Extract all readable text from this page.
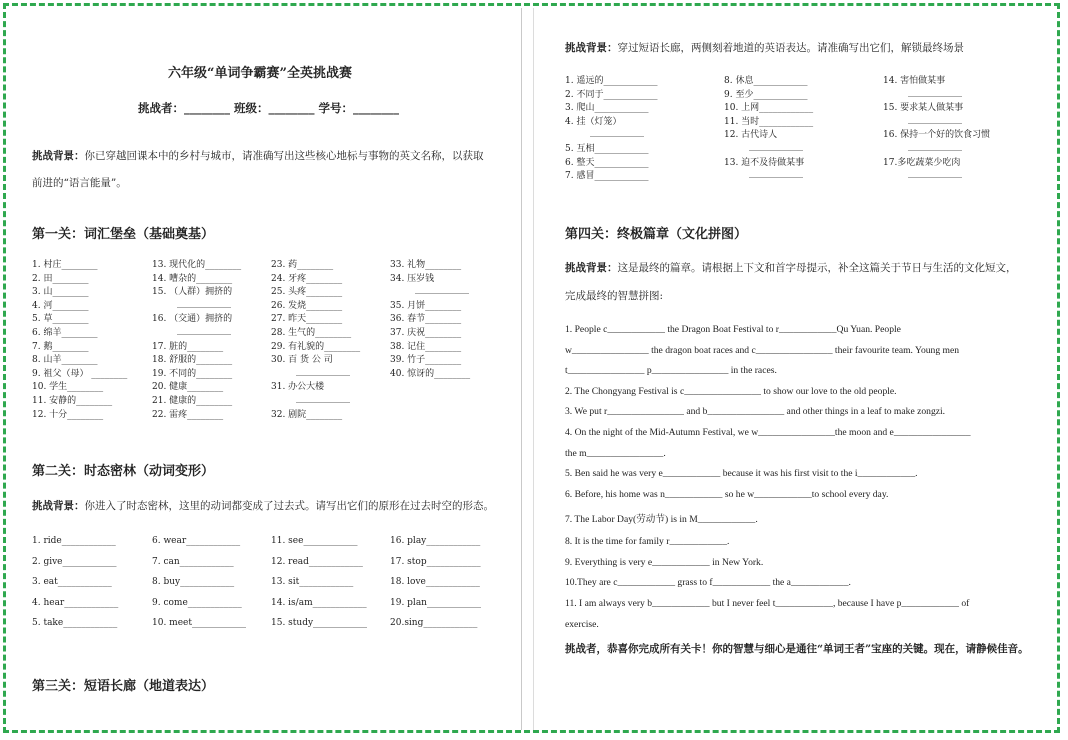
六年级“单词争霸赛”全英挑战赛
挑战者：________ 班级：________ 学号：________
挑战背景：你已穿越回课本中的乡村与城市，请准确写出这些核心地标与事物的英文名称，以获取
前进的“语言能量”。
第一关：词汇堡垒（基础奠基）
1. 村庄________
2. 田________
3. 山________
4. 河________
5. 草________
6. 绵羊________
7. 鹅________
8. 山羊________
9. 祖父（母） ________
10. 学生________
11. 安静的________
12. 十分________
13. 现代化的________
14. 嘈杂的________
15. （人群）拥挤的
____________
16. （交通）拥挤的
____________
17. 脏的________
18. 舒服的________
19. 不同的________
20. 健康________
21. 健康的________
22. 雷疼________
23. 药________
24. 牙疼________
25. 头疼________
26. 发烧________
27. 昨天________
28. 生气的________
29. 有礼貌的________
30. 百 货 公 司
____________
31. 办公大楼
____________
32. 剧院________
33. 礼物________
34. 压岁钱
____________
35. 月饼________
36. 春节________
37. 庆祝________
38. 记住________
39. 竹子________
40. 惊讶的________
第二关：时态密林（动词变形）
挑战背景：你进入了时态密林，这里的动词都变成了过去式。请写出它们的原形在过去时空的形态。
1. ride____________
2. give____________
3. eat____________
4. hear____________
5. take____________
6. wear____________
7. can____________
8. buy____________
9. come____________
10. meet____________
11. see____________
12. read____________
13. sit____________
14. is/am____________
15. study____________
16. play____________
17. stop____________
18. love____________
19. plan____________
20.sing____________
第三关：短语长廊（地道表达）
挑战背景：穿过短语长廊，两侧刻着地道的英语表达。请准确写出它们，解锁最终场景
1. 遥远的____________
2. 不同于____________
3. 爬山____________
4. 挂（灯笼）
____________
5. 互相____________
6. 整天____________
7. 感冒____________
8. 休息____________
9. 至少____________
10. 上网____________
11. 当时____________
12. 古代诗人
____________
13. 迫不及待做某事
____________
14. 害怕做某事
____________
15. 要求某人做某事
____________
16. 保持一个好的饮食习惯
____________
17.多吃蔬菜少吃肉
____________
第四关：终极篇章（文化拼图）
挑战背景：这是最终的篇章。请根据上下文和首字母提示，补全这篇关于节日与生活的文化短文，
完成最终的智慧拼图:
1. People c____________ the Dragon Boat Festival to r____________Qu Yuan. People
w________________ the dragon boat races and c________________ their favourite team. Young men
t________________ p________________ in the races.
2. The Chongyang Festival is c________________ to show our love to the old people.
3. We put r________________ and b________________ and other things in a leaf to make zongzi.
4. On the night of the Mid-Autumn Festival, we w________________the moon and e________________
the m________________.
5. Ben said he was very e____________ because it was his first visit to the i____________.
6. Before, his home was n____________ so he w____________to school every day.
7. The Labor Day(劳动节) is in M____________.
8. It is the time for family r____________.
9. Everything is very e____________ in New York.
10.They are c____________ grass to f____________ the a____________.
11. I am always very b____________ but I never feel t____________, because I have p____________ of
exercise.
挑战者，恭喜你完成所有关卡！你的智慧与细心是通往“单词王者”宝座的关键。现在，请静候佳音。
